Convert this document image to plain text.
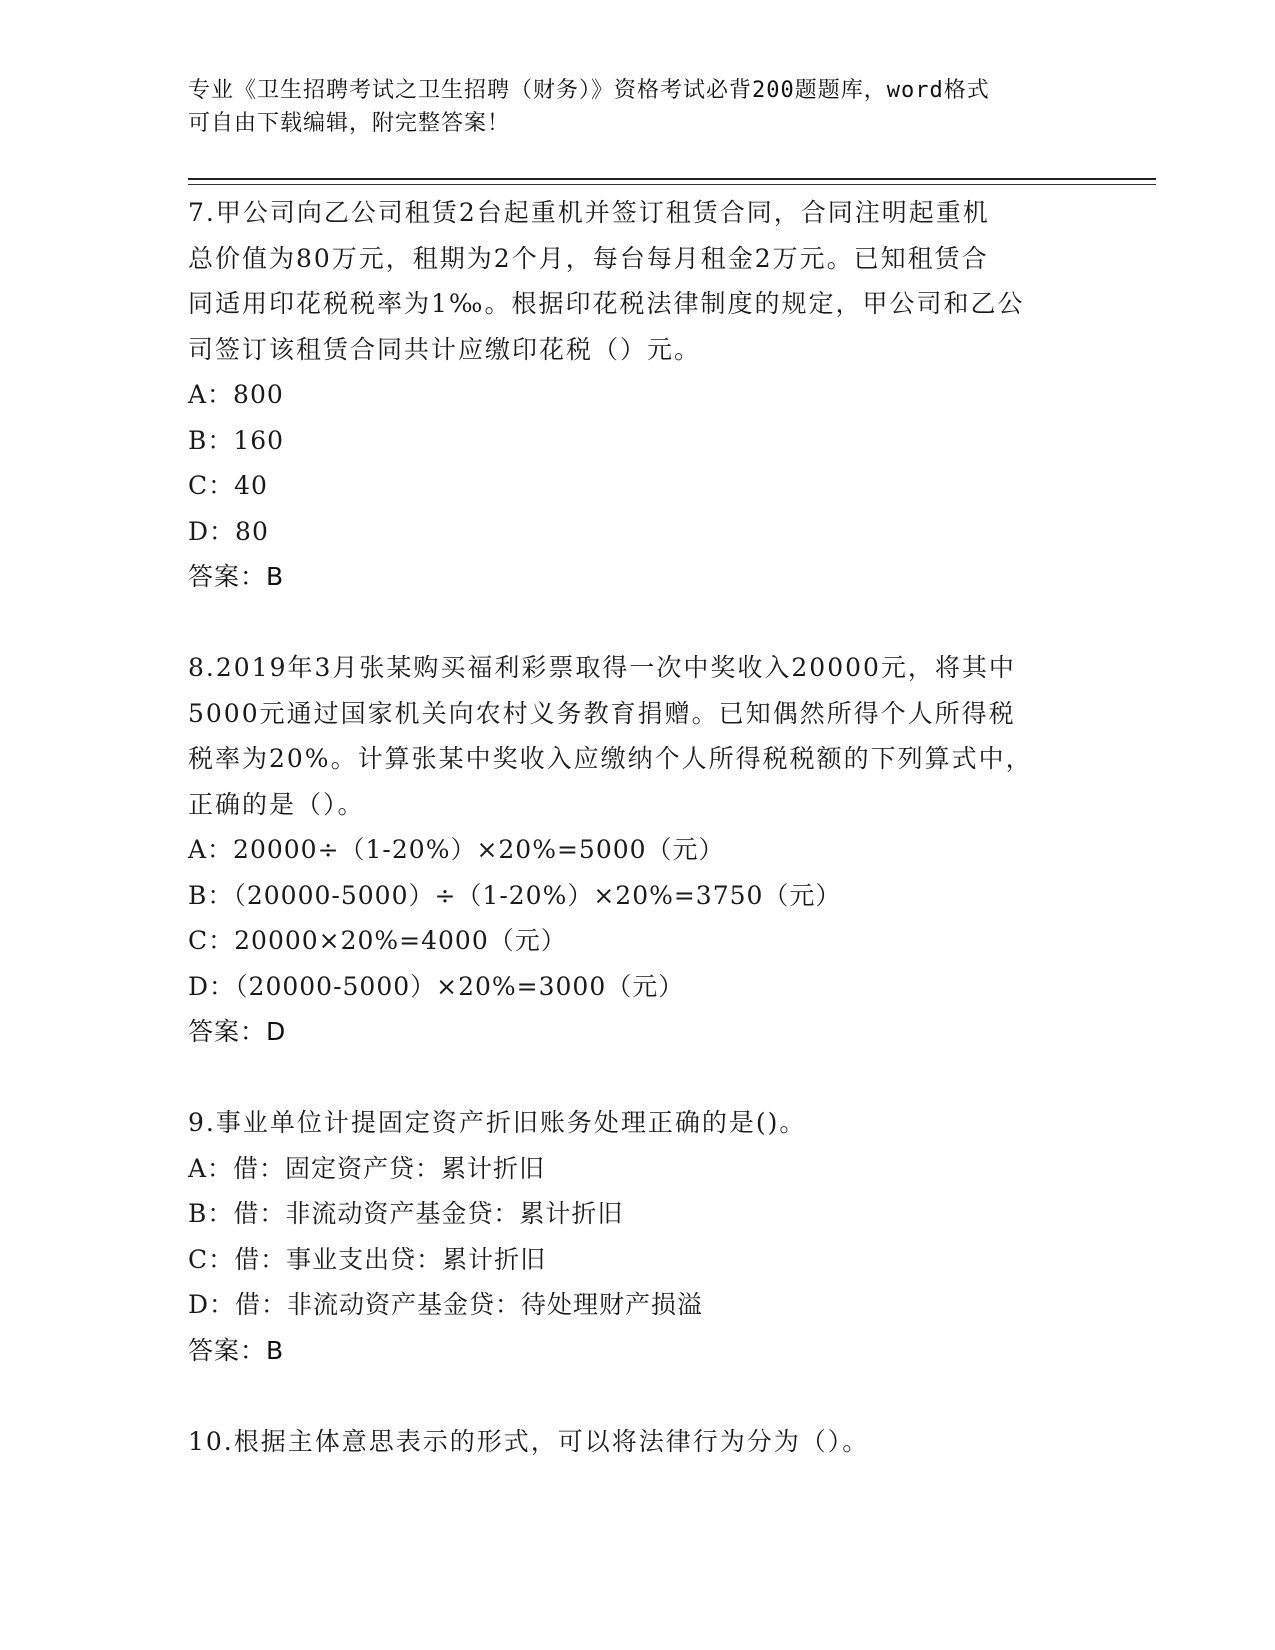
专业《卫生招聘考试之卫生招聘（财务）》资格考试必背200题题库，word格式
可自由下载编辑，附完整答案！
7.甲公司向乙公司租赁2台起重机并签订租赁合同，合同注明起重机
总价值为80万元，租期为2个月，每台每月租金2万元。已知租赁合
同适用印花税税率为1‰。根据印花税法律制度的规定，甲公司和乙公
司签订该租赁合同共计应缴印花税（）元。
A：800
B：160
C：40
D：80
答案：B
8.2019年3月张某购买福利彩票取得一次中奖收入20000元，将其中
5000元通过国家机关向农村义务教育捐赠。已知偶然所得个人所得税
税率为20%。计算张某中奖收入应缴纳个人所得税税额的下列算式中，
正确的是（）。
A：20000÷（1-20%）×20%=5000（元）
B：（20000-5000）÷（1-20%）×20%=3750（元）
C：20000×20%=4000（元）
D：（20000-5000）×20%=3000（元）
答案：D
9.事业单位计提固定资产折旧账务处理正确的是()。
A：借：固定资产贷：累计折旧
B：借：非流动资产基金贷：累计折旧
C：借：事业支出贷：累计折旧
D：借：非流动资产基金贷：待处理财产损溢
答案：B
10.根据主体意思表示的形式，可以将法律行为分为（）。
